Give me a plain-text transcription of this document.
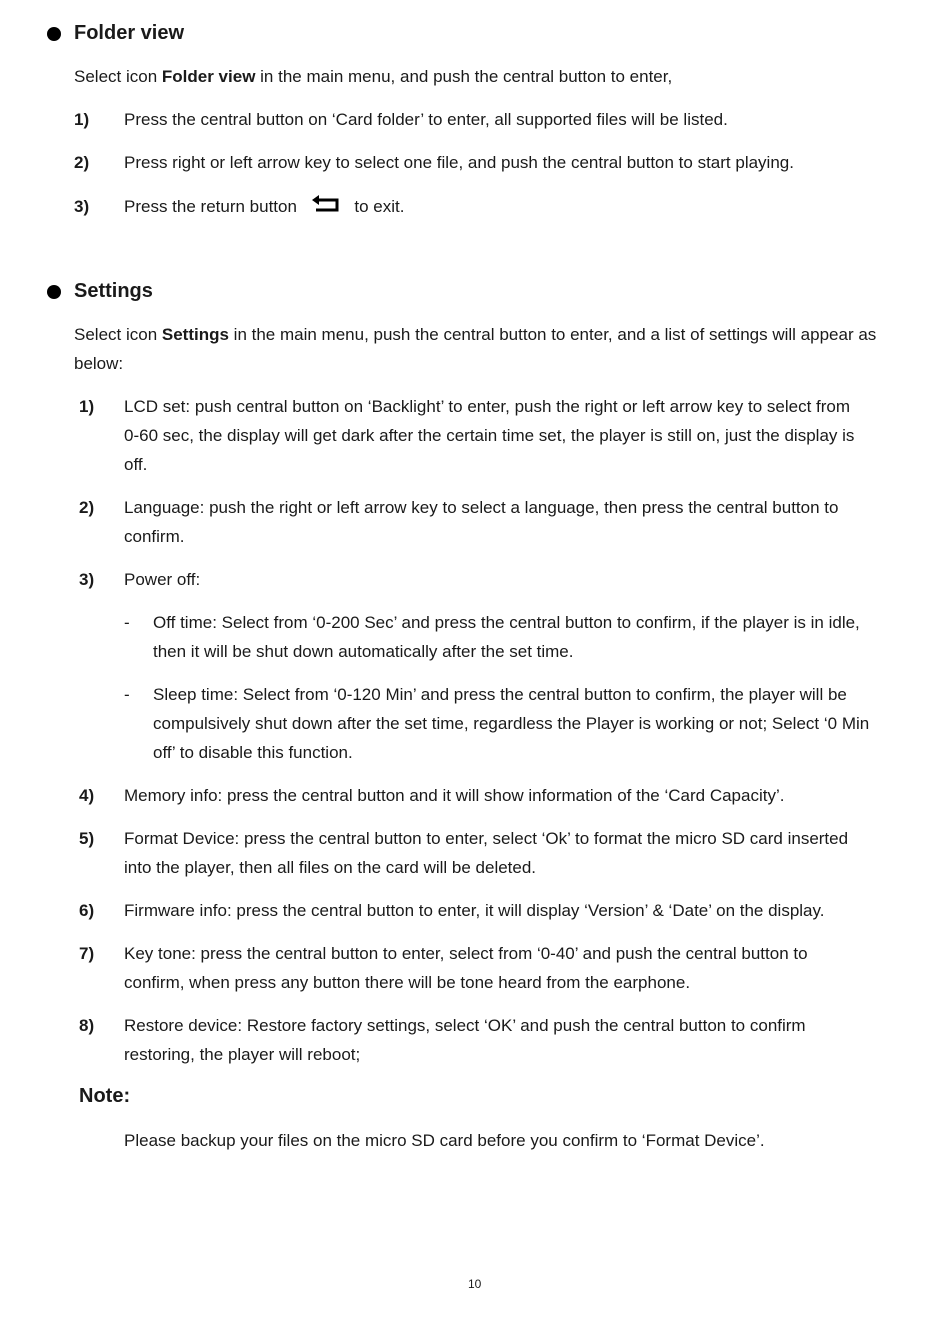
Folder view
Select icon Folder view in the main menu, and push the central button to enter,
1) Press the central button on ‘Card folder’ to enter, all supported files will be listed.
2) Press right or left arrow key to select one file, and push the central button to start playing.
3) Press the return button	to exit.
Settings
Select icon Settings in the main menu, push the central button to enter, and a list of settings will appear as
below:
1) LCD set: push central button on ‘Backlight’ to enter, push the right or left arrow key to select from
0-60 sec, the display will get dark after the certain time set, the player is still on, just the display is
off.
2) Language: push the right or left arrow key to select a language, then press the central button to
confirm.
3) Power off:
- Off time: Select from ‘0-200 Sec’ and press the central button to confirm, if the player is in idle,
then it will be shut down automatically after the set time.
- Sleep time: Select from ‘0-120 Min’ and press the central button to confirm, the player will be
compulsively shut down after the set time, regardless the Player is working or not; Select ‘0 Min
off’ to disable this function.
4) Memory info: press the central button and it will show information of the ‘Card Capacity’.
5) Format Device: press the central button to enter, select ‘Ok’ to format the micro SD card inserted
into the player, then all files on the card will be deleted.
6) Firmware info: press the central button to enter, it will display ‘Version’ & ‘Date’ on the display.
7) Key tone: press the central button to enter, select from ‘0-40’ and push the central button to
confirm, when press any button there will be tone heard from the earphone.
8) Restore device: Restore factory settings, select ‘OK’ and push the central button to confirm
restoring, the player will reboot;
Note:
Please backup your files on the micro SD card before you confirm to ‘Format Device’.
10
